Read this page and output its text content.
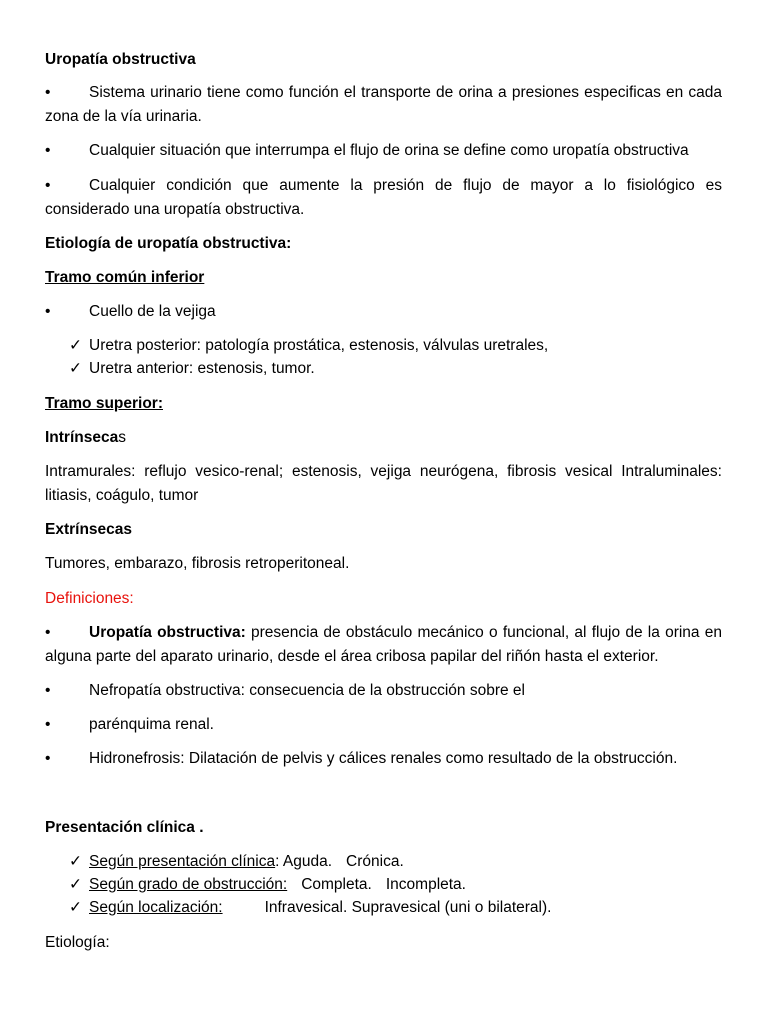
Uropatía obstructiva
•	Sistema urinario tiene como función el transporte de orina a presiones especificas en cada zona de la vía urinaria.
•	Cualquier situación que interrumpa el flujo de orina se define como uropatía obstructiva
•	Cualquier condición que aumente la presión de flujo de mayor a lo fisiológico es considerado una uropatía obstructiva.
Etiología de uropatía obstructiva:
Tramo común inferior
•	Cuello de la vejiga
✓ Uretra posterior: patología prostática, estenosis, válvulas uretrales,
✓ Uretra anterior: estenosis, tumor.
Tramo superior:
Intrínsecas
Intramurales: reflujo vesico-renal; estenosis, vejiga neurógena, fibrosis vesical Intraluminales: litiasis, coágulo, tumor
Extrínsecas
Tumores, embarazo, fibrosis retroperitoneal.
Definiciones:
•	Uropatía obstructiva: presencia de obstáculo mecánico o funcional, al flujo de la orina en alguna parte del aparato urinario, desde el área cribosa papilar del riñón hasta el exterior.
•	Nefropatía obstructiva: consecuencia de la obstrucción sobre el
•	parénquima renal.
•	Hidronefrosis: Dilatación de pelvis y cálices renales como resultado de la obstrucción.
Presentación clínica .
✓ Según presentación clínica: Aguda. Crónica.
✓ Según grado de obstrucción: Completa. Incompleta.
✓ Según localización:	Infravesical. Supravesical (uni o bilateral).
Etiología:
